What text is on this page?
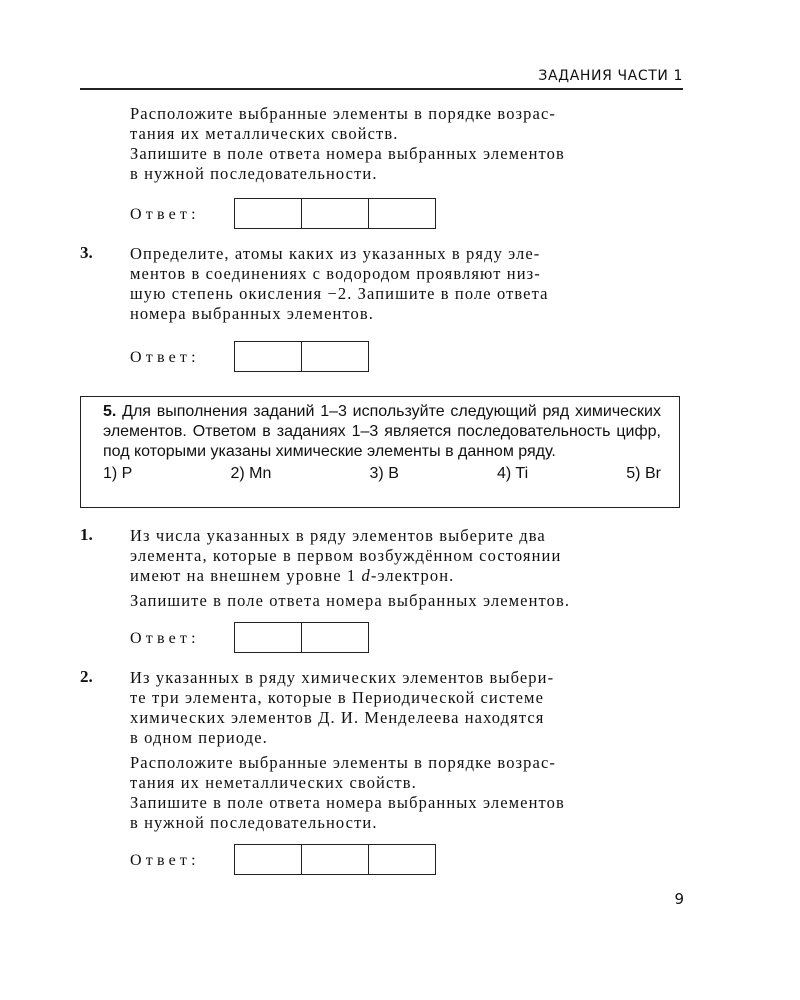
ЗАДАНИЯ ЧАСТИ 1
Расположите выбранные элементы в порядке возрас-
тания их металлических свойств.
Запишите в поле ответа номера выбранных элементов
в нужной последовательности.
Ответ:
3. Определите, атомы каких из указанных в ряду эле-
ментов в соединениях с водородом проявляют низ-
шую степень окисления −2. Запишите в поле ответа
номера выбранных элементов.
Ответ:

5. Для выполнения заданий 1–3 используйте следующий ряд химических элементов. Ответом в заданиях 1–3 является последовательность цифр, под которыми указаны химические элементы в данном ряду.

1) P	2) Mn	3) B	4) Ti	5) Br
1. Из числа указанных в ряду элементов выберите два
элемента, которые в первом возбуждённом состоянии
имеют на внешнем уровне 1 d-электрон.
Запишите в поле ответа номера выбранных элементов.
Ответ:
2. Из указанных в ряду химических элементов выбери-
те три элемента, которые в Периодической системе
химических элементов Д. И. Менделеева находятся
в одном периоде.
Расположите выбранные элементы в порядке возрас-
тания их неметаллических свойств.
Запишите в поле ответа номера выбранных элементов
в нужной последовательности.
Ответ:
9
